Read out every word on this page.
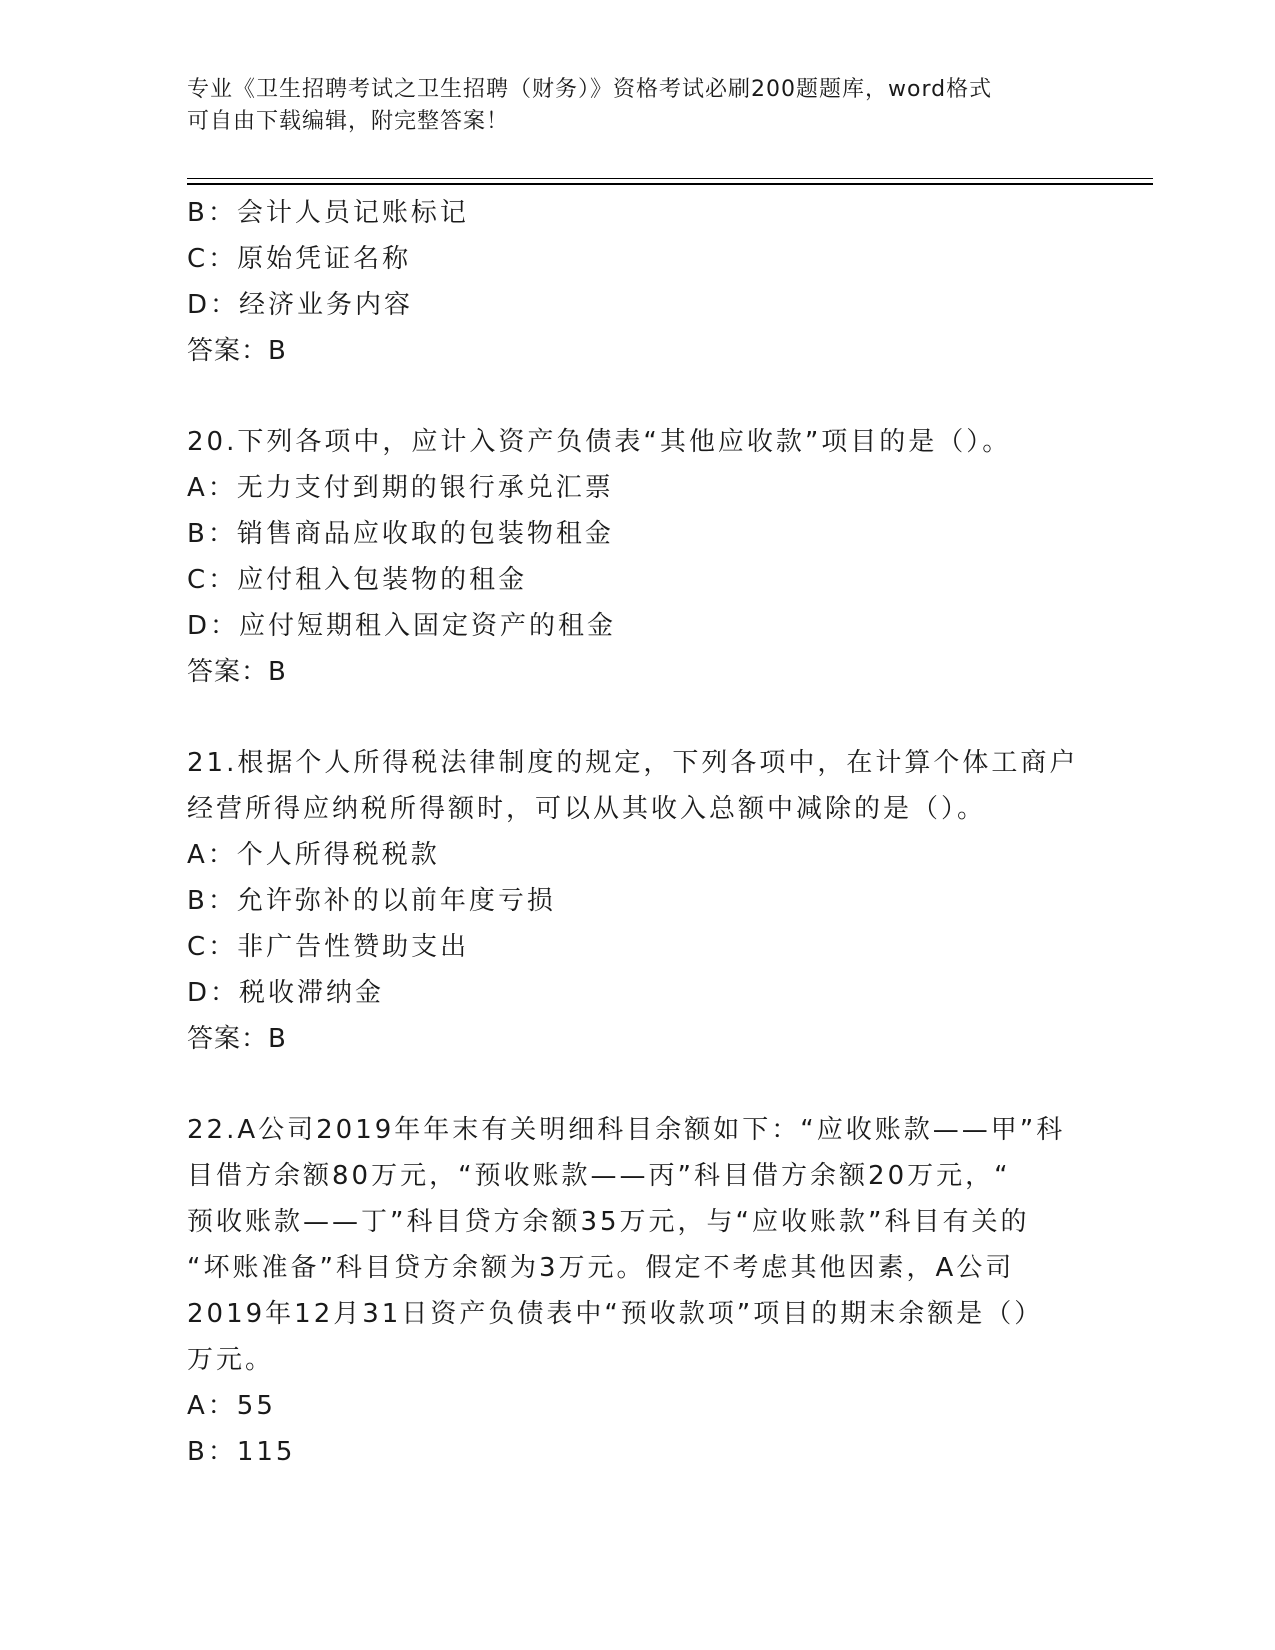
专业《卫生招聘考试之卫生招聘（财务）》资格考试必刷200题题库，word格式
可自由下载编辑，附完整答案！

B：会计人员记账标记

C：原始凭证名称

D：经济业务内容

答案：B

20.下列各项中，应计入资产负债表“其他应收款”项目的是（）。

A：无力支付到期的银行承兑汇票

B：销售商品应收取的包装物租金

C：应付租入包装物的租金

D：应付短期租入固定资产的租金

答案：B

21.根据个人所得税法律制度的规定，下列各项中，在计算个体工商户

经营所得应纳税所得额时，可以从其收入总额中减除的是（）。

A：个人所得税税款

B：允许弥补的以前年度亏损

C：非广告性赞助支出

D：税收滞纳金

答案：B

22.A公司2019年年末有关明细科目余额如下：“应收账款——甲”科

目借方余额80万元，“预收账款——丙”科目借方余额20万元，“

预收账款——丁”科目贷方余额35万元，与“应收账款”科目有关的

“坏账准备”科目贷方余额为3万元。假定不考虑其他因素，A公司

2019年12月31日资产负债表中“预收款项”项目的期末余额是（）

万元。

A：55

B：115
